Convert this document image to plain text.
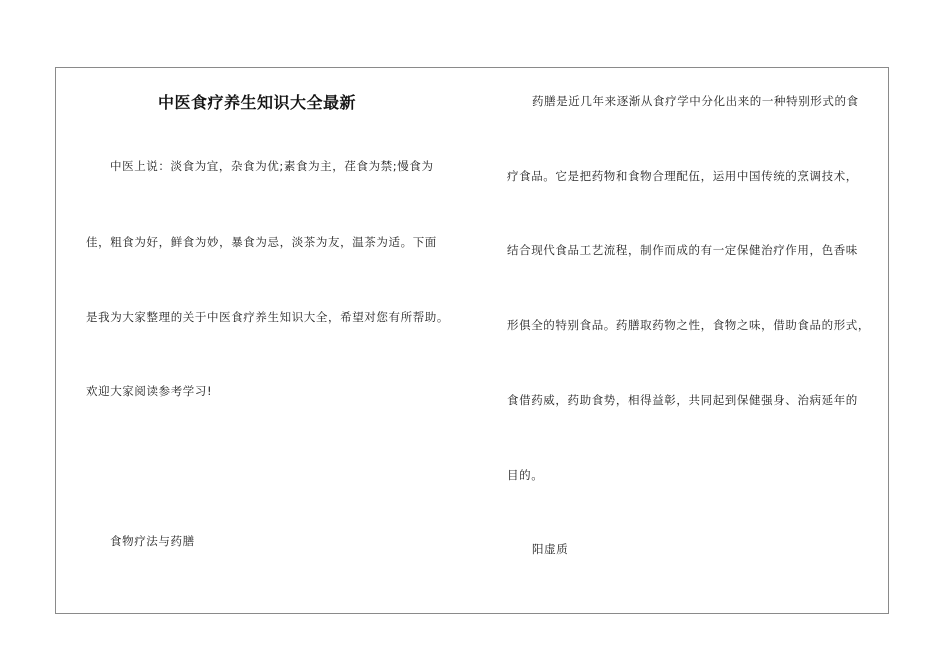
中医食疗养生知识大全最新
中医上说：淡食为宜，杂食为优;素食为主，荏食为禁;慢食为
佳，粗食为好，鲜食为妙，暴食为忌，淡茶为友，温茶为适。下面
是我为大家整理的关于中医食疗养生知识大全，希望对您有所帮助。
欢迎大家阅读参考学习!
食物疗法与药膳
药膳是近几年来逐渐从食疗学中分化出来的一种特别形式的食
疗食品。它是把药物和食物合理配伍，运用中国传统的烹调技术，
结合现代食品工艺流程，制作而成的有一定保健治疗作用，色香味
形俱全的特别食品。药膳取药物之性，食物之味，借助食品的形式，
食借药威，药助食势，相得益彰，共同起到保健强身、治病延年的
目的。
阳虚质
